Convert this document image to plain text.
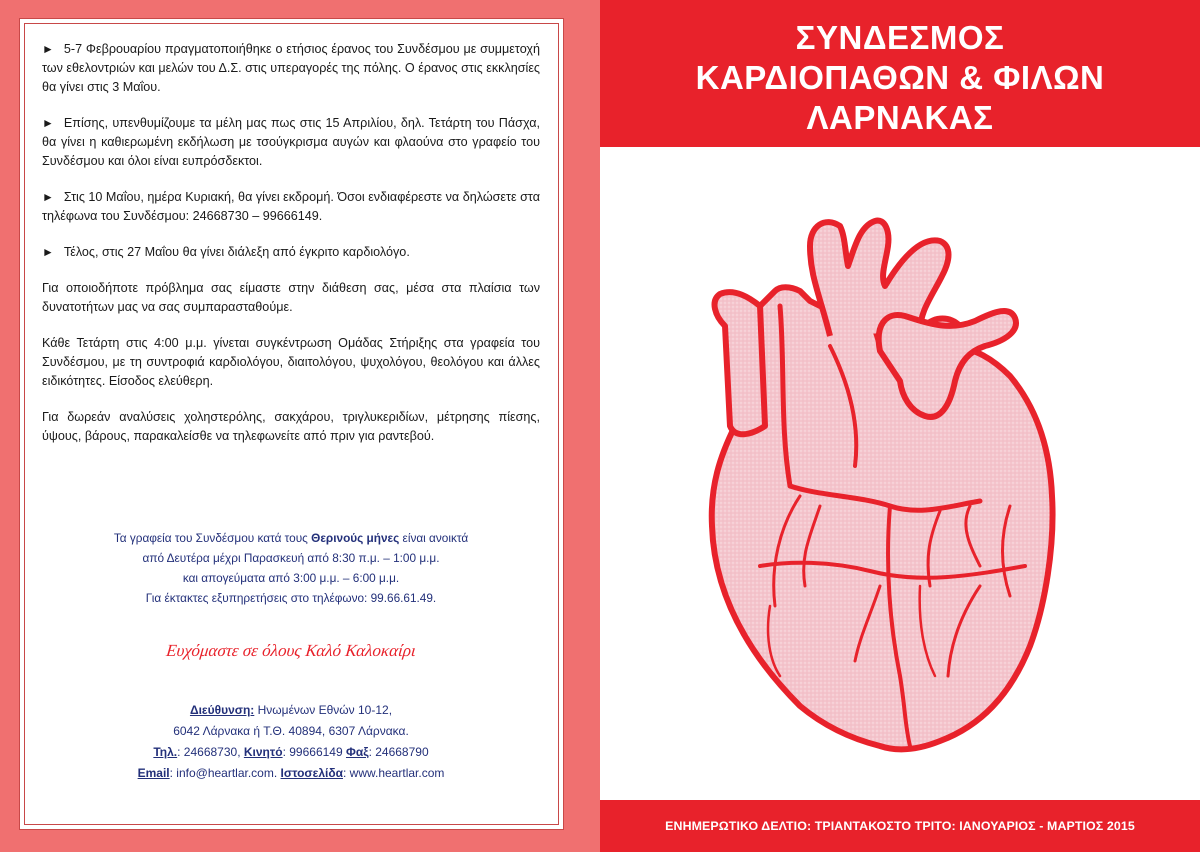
► 5-7 Φεβρουαρίου πραγματοποιήθηκε ο ετήσιος έρανος του Συνδέσμου με συμμετοχή των εθελοντριών και μελών του Δ.Σ. στις υπεραγορές της πόλης. Ο έρανος στις εκκλησίες θα γίνει στις 3 Μαΐου.

► Επίσης, υπενθυμίζουμε τα μέλη μας πως στις 15 Απριλίου, δηλ. Τετάρτη του Πάσχα, θα γίνει η καθιερωμένη εκδήλωση με τσούγκρισμα αυγών και φλαούνα στο γραφείο του Συνδέσμου και όλοι είναι ευπρόσδεκτοι.

► Στις 10 Μαΐου, ημέρα Κυριακή, θα γίνει εκδρομή. Όσοι ενδιαφέρεστε να δηλώσετε στα τηλέφωνα του Συνδέσμου: 24668730 – 99666149.

► Τέλος, στις 27 Μαΐου θα γίνει διάλεξη από έγκριτο καρδιολόγο.

Για οποιοδήποτε πρόβλημα σας είμαστε στην διάθεση σας, μέσα στα πλαίσια των δυνατοτήτων μας να σας συμπαρασταθούμε.

Κάθε Τετάρτη στις 4:00 μ.μ. γίνεται συγκέντρωση Ομάδας Στήριξης στα γραφεία του Συνδέσμου, με τη συντροφιά καρδιολόγου, διαιτολόγου, ψυχολόγου, θεολόγου και άλλες ειδικότητες. Είσοδος ελεύθερη.

Για δωρεάν αναλύσεις χοληστερόλης, σακχάρου, τριγλυκεριδίων, μέτρησης πίεσης, ύψους, βάρους, παρακαλείσθε να τηλεφωνείτε από πριν για ραντεβού.

Τα γραφεία του Συνδέσμου κατά τους Θερινούς μήνες είναι ανοικτά
από Δευτέρα μέχρι Παρασκευή από 8:30 π.μ. – 1:00 μ.μ.
και απογεύματα από 3:00 μ.μ. – 6:00 μ.μ.
Για έκτακτες εξυπηρετήσεις στο τηλέφωνο: 99.66.61.49.
Ευχόμαστε σε όλους Καλό Καλοκαίρι
Διεύθυνση: Ηνωμένων Εθνών 10-12,
6042 Λάρνακα ή Τ.Θ. 40894, 6307 Λάρνακα.
Τηλ.: 24668730, Κινητό: 99666149 Φαξ: 24668790
Email: info@heartlar.com. Ιστοσελίδα: www.heartlar.com
ΣΥΝΔΕΣΜΟΣ
ΚΑΡΔΙΟΠΑΘΩΝ & ΦΙΛΩΝ
ΛΑΡΝΑΚΑΣ
ΕΝΗΜΕΡΩΤΙΚΟ ΔΕΛΤΙΟ: ΤΡΙΑΝΤΑΚΟΣΤΟ ΤΡΙΤΟ: ΙΑΝΟΥΑΡΙΟΣ - ΜΑΡΤΙΟΣ 2015
